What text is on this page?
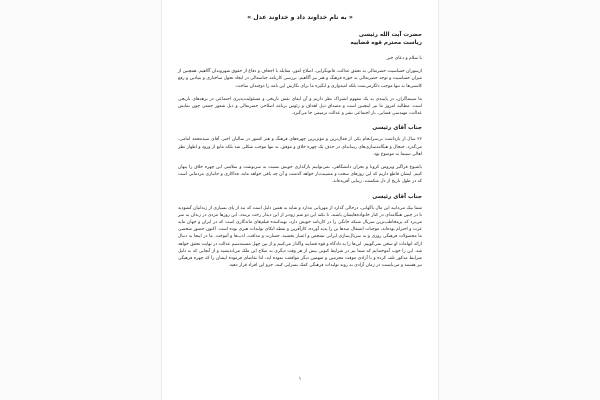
« به نام خداوند داد و خداوند عدل »
حضرت آیت الله رئیسی
ریاست محترم قوه قضاییه
با سلام و دعای خیر
ازسوران حساسیت حضرتعالی به تحقق عدالت، قانونگرایی، اصلاح امور، مقابله با اجحاف و دفاع از حقوق شهروندان آگاهیم. همچنین از میزان حساسیت و توجه حضرتعالی به حوزه فرهنگ و هنر نیز آگاهیم. بررسی کارنامه جناسعالی در ایجاد تحول ساختاری و بنیادین و رفع کاستی‌ها نه تنها موجب دلگرمی‌ست بلکه امیدواری و انگیزه ما برای نگارش این نامه را دوچندان ساخت.
ما سینماگران، در پایبندی به یک مفهوم اشتراک نظر داریم و آن ایفای نقش تاریخی و مسئولیت‌پذیری اجتماعی در برهه‌های تاریخی است. مطالبه امروز ما نیز اینچنین است و مصداق ذیل اهداف و رئوس برنامه اصلاحی حضرتعالی و ذیل شعور جمعی چون نمایش عدالت، مهندسی قضایی، بار اجتماعی نشر و عدالت ترمیمی جا می‌گیرد.
جناب آقای رئیسی
۲۶ سال از بازداشت بی‌سرانجام یکی از فعال‌ترین و مؤثرترین چهره‌های فرهنگ و هنر کشور در سالیان اخیر، آقای سیدمحمد امامی، می‌گذرد. جنجال و هنگامه‌سازی‌های رسانه‌ای در حذف یک چهره خلاق و موفق، نه تنها موجب شکلی شد بلکه مانع از ورود و اظهار نظر اهالی سینما به موضوع بود.
باشیوع فراگیر ویروس کرونا و بحران دانشگاهی، نمی‌توانیم بازگذاری خویش نسبت به سرنوشت و سلامتی این چهره خلاق را پنهان کنیم. ایشان قاطع داریم که این روزهای سخت و مصیبت‌بار خواهد گذشت و آن چه باقی خواهد ماند، فداکاری و جانبازی مردمانی است که در طول تاریخ از دل شکست، زیبایی آفریده‌اند.
جناب آقای رئیسی
شما نیک می‌دانید این مال ناگهانی، درحالی گذارد از مهربانی مدارد و شاید به همین دلیل است که بند از پای بسیاری از زندانیان گشودید تا در چنین هنگامه‌ای در کنار خانواده‌هایشان باشند، تا نکته این دو شم زودتر از این دیدار رخت بربندد. این روزها مردی در زندان به سر می‌برد که پرمخاطب‌ترین سریال شبکه خانگی را در کارنامه خویش دارد، تهیه‌کننده فیلم‌های ماندگاری است که در ایران و جهان مایه عزت و احترام بوده‌اند، موجبات اشتغال صدها تن را پدید آورده، کارآفرین و نقطه اتکای تولیدات هنری بوده است. اکنون حضور شخصی ما محصولات فرهنگی روزی و به سریال‌سازی ایرانی تشخص و اعتبار بخشید، جسارت و مداقت، ادب‌ها و آموخت. ما در اینجا به دنبال ارائه اتهامات او سخن نمی‌گوییم. این‌ها را به دادگاه و قوه قضاییه واگذار می‌کنیم و از بین چهل مستندسیم عدالت در نهایت تحقق خواهد شد. این را خوب آموخته‌ایم که شما نیز در شرایط کنونی بیش از هر وقت دیگری به صلاح این ملک می‌اندیشید و از آنجایی که به دلیل شرایط مذکور تلف کرده و با آزادی موقت مجرمین و متهمین دیگر موافقت نموده اید، لذا تقاضای فرموده ایشان را که چهره فرهنگی نیز هستند و می‌بایست در زمان آزادی به روند تولیدات فرهنگی کمک بسزایی کنند، جزو این افراد قرار دهید.
۱
